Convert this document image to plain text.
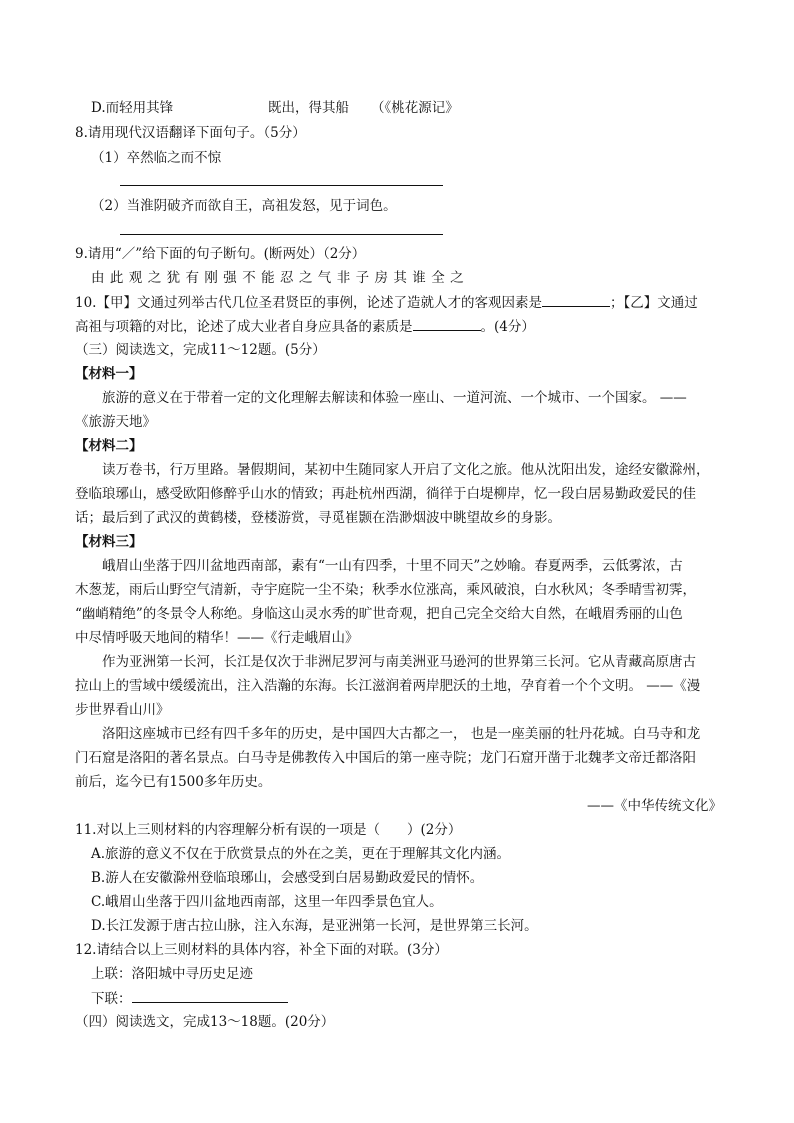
D.而轻用其锋	既出，得其船 （《桃花源记》
8.请用现代汉语翻译下面句子。（5分）
（1）卒然临之而不惊
（2）当淮阴破齐而欲自王，高祖发怒，见于词色。
9.请用“／”给下面的句子断句。(断两处）（2分）
由此观之犹有刚强不能忍之气非子房其谁全之
10.【甲】文通过列举古代几位圣君贤臣的事例，论述了造就人才的客观因素是	；【乙】文通过
高祖与项籍的对比，论述了成大业者自身应具备的素质是	。(4分）
（三）阅读选文，完成11～12题。(5分）
【材料一】
旅游的意义在于带着一定的文化理解去解读和体验一座山、一道河流、一个城市、一个国家。 ——
《旅游天地》
【材料二】
读万卷书，行万里路。暑假期间，某初中生随同家人开启了文化之旅。他从沈阳出发，途经安徽滁州，
登临琅琊山，感受欧阳修醉乎山水的情致；再赴杭州西湖，徜徉于白堤柳岸，忆一段白居易勤政爱民的佳
话；最后到了武汉的黄鹤楼，登楼游赏，寻觅崔颢在浩渺烟波中眺望故乡的身影。
【材料三】
峨眉山坐落于四川盆地西南部，素有“一山有四季，十里不同天”之妙喻。春夏两季，云低雾浓，古
木葱茏，雨后山野空气清新，寺宇庭院一尘不染；秋季水位涨高，乘风破浪，白水秋风；冬季晴雪初霁，
“幽峭精绝”的冬景令人称绝。身临这山灵水秀的旷世奇观，把自己完全交给大自然，在峨眉秀丽的山色
中尽情呼吸天地间的精华！——《行走峨眉山》
作为亚洲第一长河，长江是仅次于非洲尼罗河与南美洲亚马逊河的世界第三长河。它从青藏高原唐古
拉山上的雪域中缓缓流出，注入浩瀚的东海。长江滋润着两岸肥沃的土地，孕育着一个个文明。 ——《漫
步世界看山川》
洛阳这座城市已经有四千多年的历史，是中国四大古都之一， 也是一座美丽的牡丹花城。白马寺和龙
门石窟是洛阳的著名景点。白马寺是佛教传入中国后的第一座寺院；龙门石窟开凿于北魏孝文帝迁都洛阳
前后，迄今已有1500多年历史。
——《中华传统文化》
11.对以上三则材料的内容理解分析有误的一项是（　　）(2分）
A.旅游的意义不仅在于欣赏景点的外在之美，更在于理解其文化内涵。
B.游人在安徽滁州登临琅琊山，会感受到白居易勤政爱民的情怀。
C.峨眉山坐落于四川盆地西南部，这里一年四季景色宜人。
D.长江发源于唐古拉山脉，注入东海，是亚洲第一长河，是世界第三长河。
12.请结合以上三则材料的具体内容，补全下面的对联。(3分）
上联：洛阳城中寻历史足迹
下联：
（四）阅读选文，完成13～18题。(20分）
